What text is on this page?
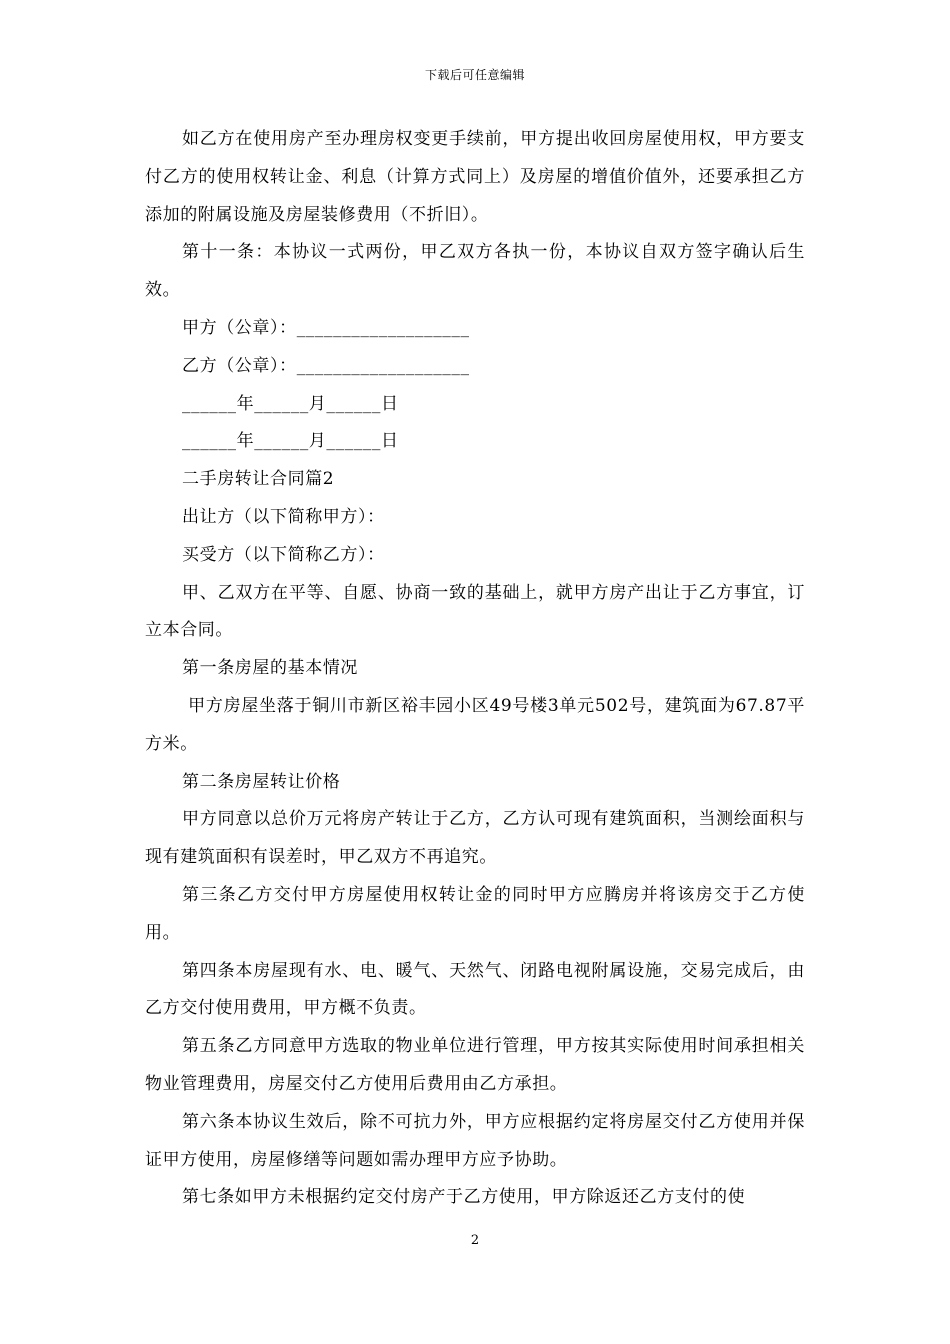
下载后可任意编辑

如乙方在使用房产至办理房权变更手续前，甲方提出收回房屋使用权，甲方要支付乙方的使用权转让金、利息（计算方式同上）及房屋的增值价值外，还要承担乙方添加的附属设施及房屋装修费用（不折旧）。

第十一条：本协议一式两份，甲乙双方各执一份，本协议自双方签字确认后生效。

甲方（公章）：___________________

乙方（公章）：___________________

______年______月______日

______年______月______日

二手房转让合同篇2

出让方（以下简称甲方）：

买受方（以下简称乙方）：

甲、乙双方在平等、自愿、协商一致的基础上，就甲方房产出让于乙方事宜，订立本合同。

第一条房屋的基本情况

甲方房屋坐落于铜川市新区裕丰园小区49号楼3单元502号，建筑面为67.87平方米。

第二条房屋转让价格

甲方同意以总价万元将房产转让于乙方，乙方认可现有建筑面积，当测绘面积与现有建筑面积有误差时，甲乙双方不再追究。

第三条乙方交付甲方房屋使用权转让金的同时甲方应腾房并将该房交于乙方使用。

第四条本房屋现有水、电、暖气、天然气、闭路电视附属设施，交易完成后，由乙方交付使用费用，甲方概不负责。

第五条乙方同意甲方选取的物业单位进行管理，甲方按其实际使用时间承担相关物业管理费用，房屋交付乙方使用后费用由乙方承担。

第六条本协议生效后，除不可抗力外，甲方应根据约定将房屋交付乙方使用并保证甲方使用，房屋修缮等问题如需办理甲方应予协助。

第七条如甲方未根据约定交付房产于乙方使用，甲方除返还乙方支付的使

2
